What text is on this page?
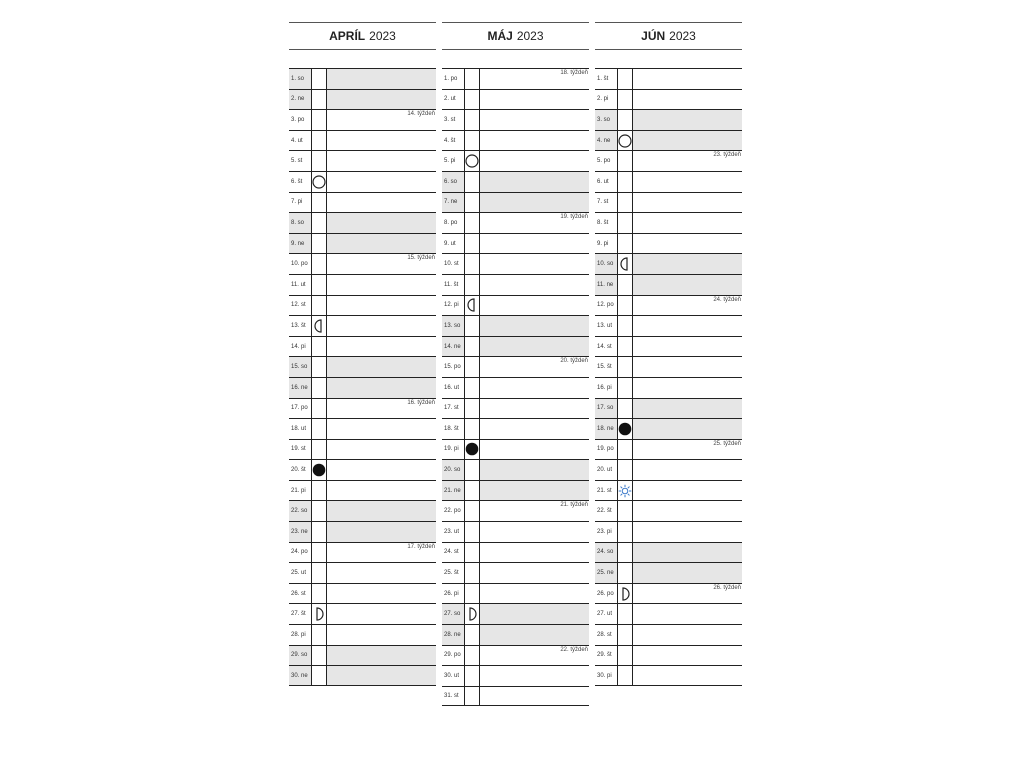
APRÍL 2023
1. so
2. ne
3. po
14. týždeň
4. ut
5. st
6. št
7. pi
8. so
9. ne
10. po
15. týždeň
11. ut
12. st
13. št
14. pi
15. so
16. ne
17. po
16. týždeň
18. ut
19. st
20. št
21. pi
22. so
23. ne
24. po
17. týždeň
25. ut
26. st
27. št
28. pi
29. so
30. ne
MÁJ 2023
1. po
18. týždeň
2. ut
3. st
4. št
5. pi
6. so
7. ne
8. po
19. týždeň
9. ut
10. st
11. št
12. pi
13. so
14. ne
15. po
20. týždeň
16. ut
17. st
18. št
19. pi
20. so
21. ne
22. po
21. týždeň
23. ut
24. st
25. št
26. pi
27. so
28. ne
29. po
22. týždeň
30. ut
31. st
JÚN 2023
1. št
2. pi
3. so
4. ne
5. po
23. týždeň
6. ut
7. st
8. št
9. pi
10. so
11. ne
12. po
24. týždeň
13. ut
14. st
15. št
16. pi
17. so
18. ne
19. po
25. týždeň
20. ut
21. st
22. št
23. pi
24. so
25. ne
26. po
26. týždeň
27. ut
28. st
29. št
30. pi
